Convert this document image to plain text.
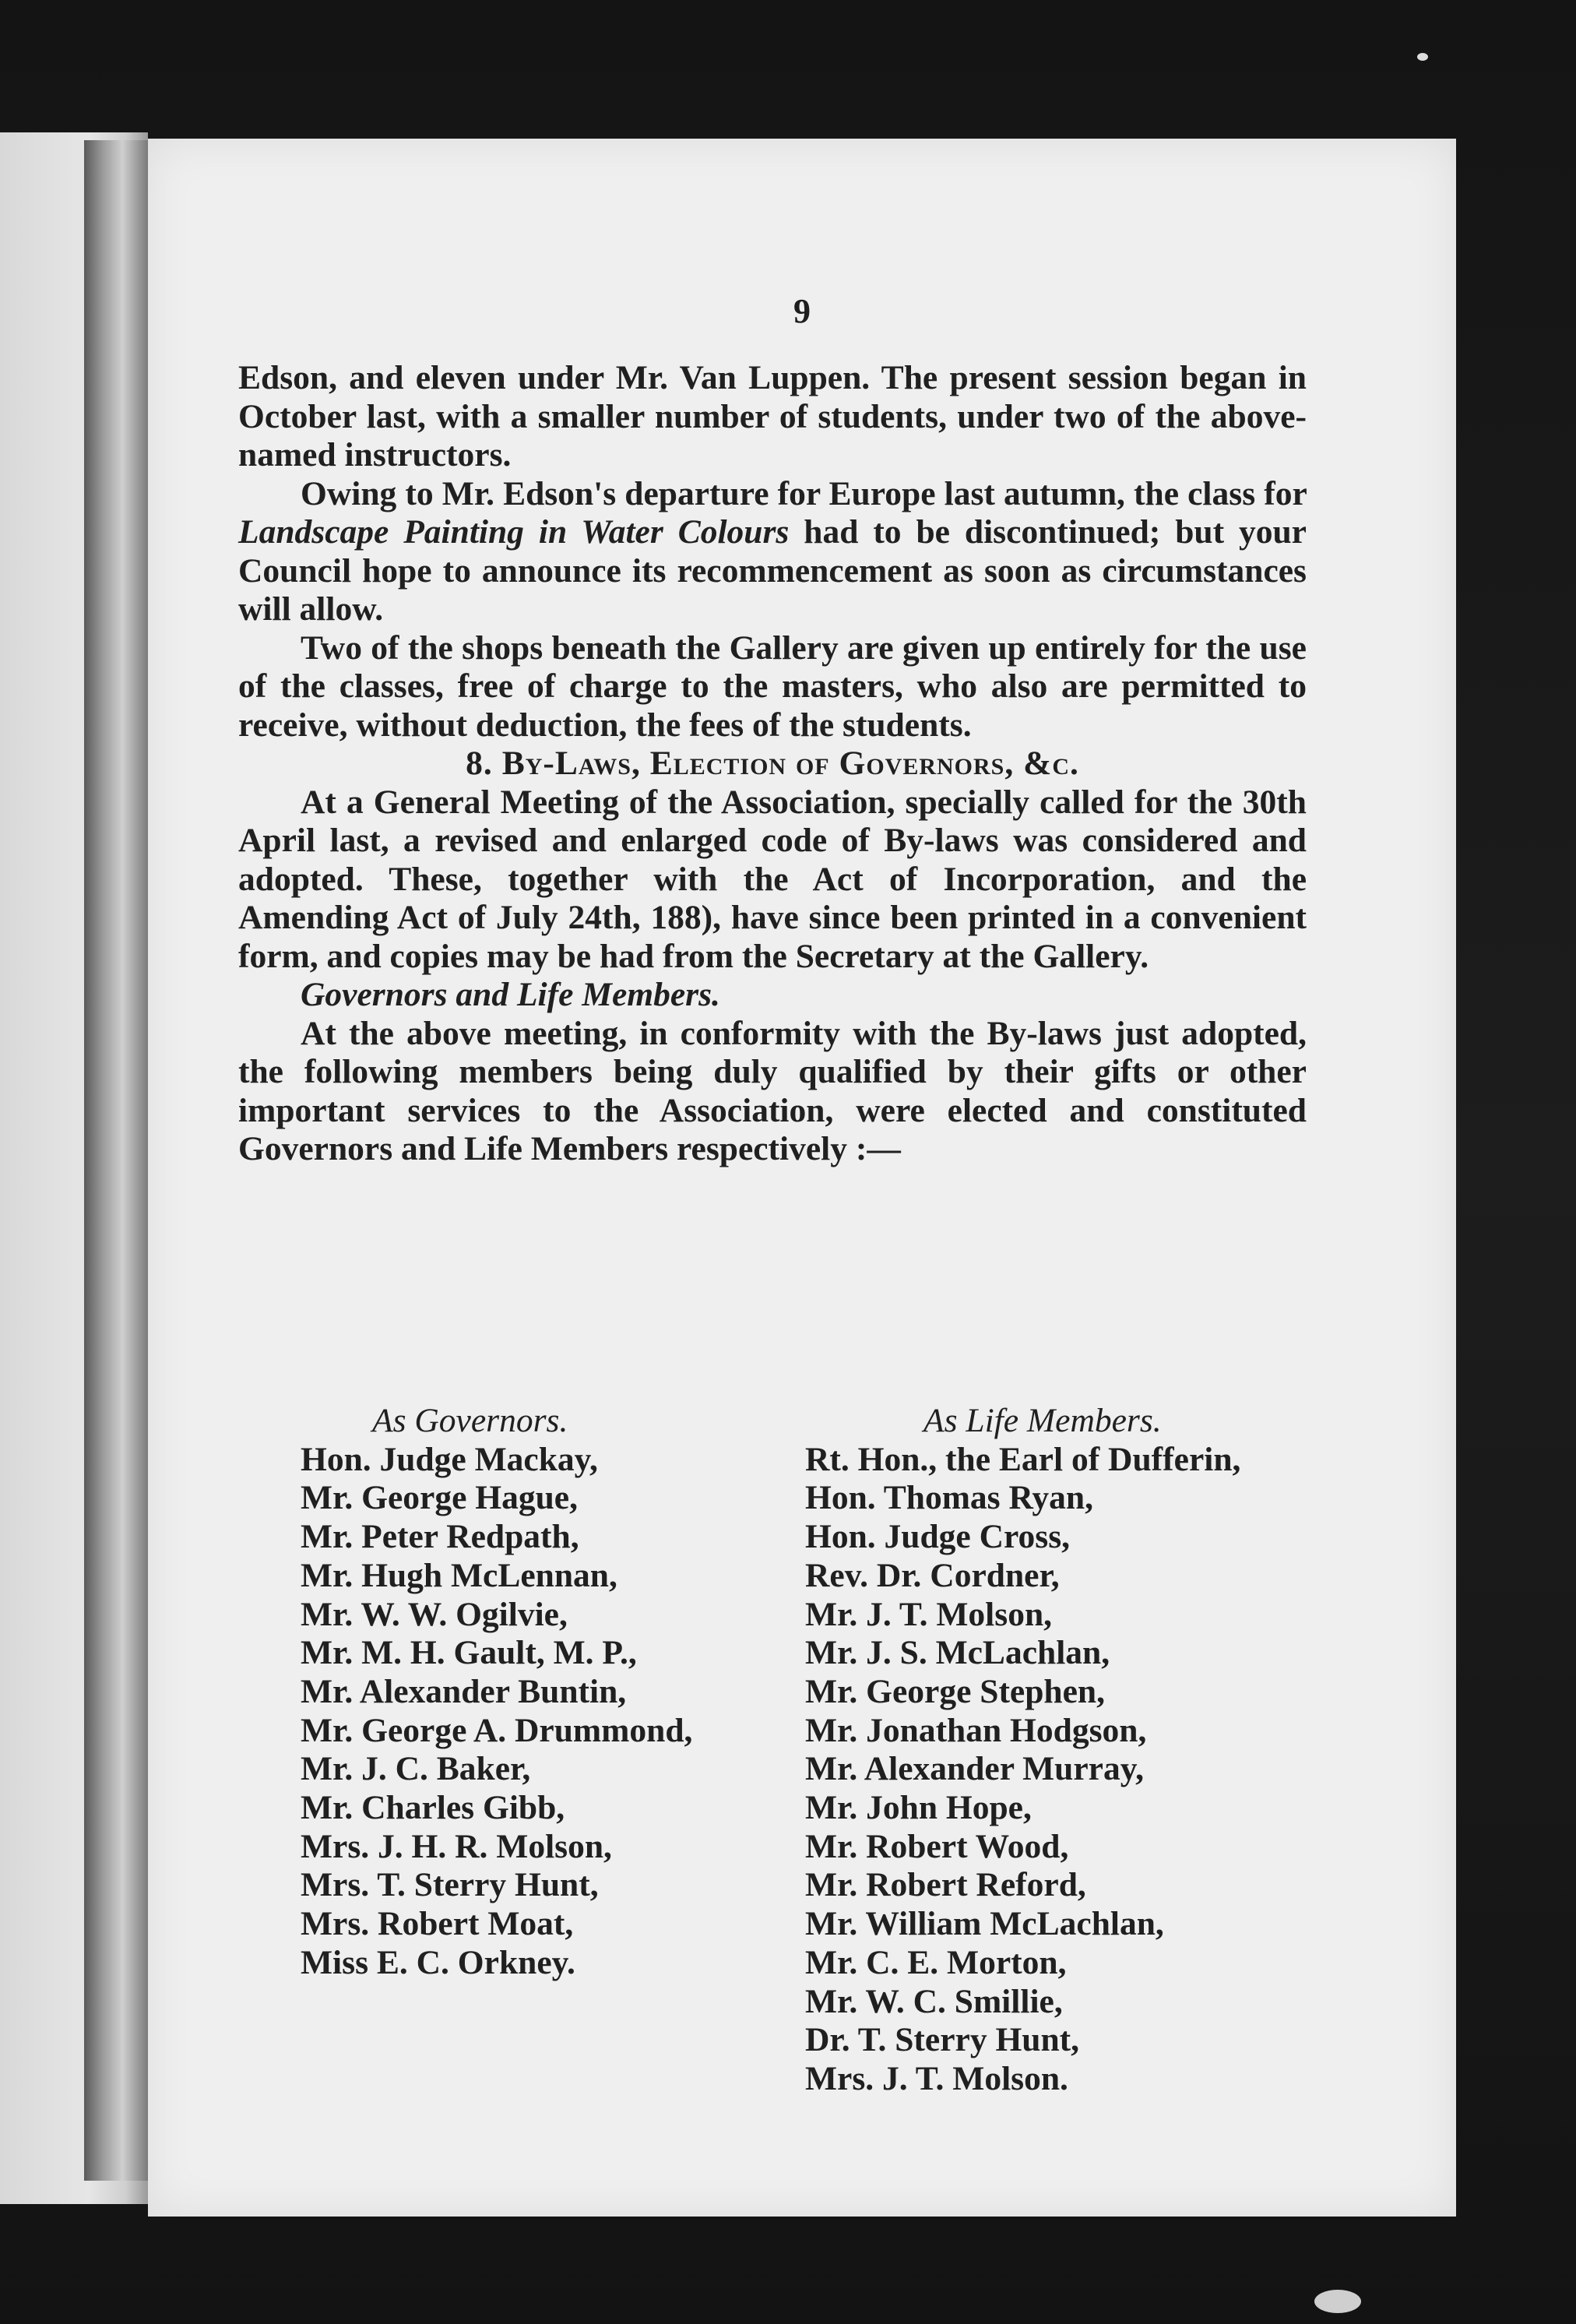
9

Edson, and eleven under Mr. Van Luppen. The present session began in October last, with a smaller number of students, under two of the above-named instructors.

Owing to Mr. Edson's departure for Europe last autumn, the class for Landscape Painting in Water Colours had to be discontinued; but your Council hope to announce its recommencement as soon as circumstances will allow.

Two of the shops beneath the Gallery are given up entirely for the use of the classes, free of charge to the masters, who also are permitted to receive, without deduction, the fees of the students.

8. By-Laws, Election of Governors, &c.

At a General Meeting of the Association, specially called for the 30th April last, a revised and enlarged code of By-laws was considered and adopted. These, together with the Act of Incorporation, and the Amending Act of July 24th, 188), have since been printed in a convenient form, and copies may be had from the Secretary at the Gallery.

Governors and Life Members.

At the above meeting, in conformity with the By-laws just adopted, the following members being duly qualified by their gifts or other important services to the Association, were elected and constituted Governors and Life Members respectively :—

As Governors.
Hon. Judge Mackay,
Mr. George Hague,
Mr. Peter Redpath,
Mr. Hugh McLennan,
Mr. W. W. Ogilvie,
Mr. M. H. Gault, M. P.,
Mr. Alexander Buntin,
Mr. George A. Drummond,
Mr. J. C. Baker,
Mr. Charles Gibb,
Mrs. J. H. R. Molson,
Mrs. T. Sterry Hunt,
Mrs. Robert Moat,
Miss E. C. Orkney.
As Life Members.
Rt. Hon., the Earl of Dufferin,
Hon. Thomas Ryan,
Hon. Judge Cross,
Rev. Dr. Cordner,
Mr. J. T. Molson,
Mr. J. S. McLachlan,
Mr. George Stephen,
Mr. Jonathan Hodgson,
Mr. Alexander Murray,
Mr. John Hope,
Mr. Robert Wood,
Mr. Robert Reford,
Mr. William McLachlan,
Mr. C. E. Morton,
Mr. W. C. Smillie,
Dr. T. Sterry Hunt,
Mrs. J. T. Molson.
